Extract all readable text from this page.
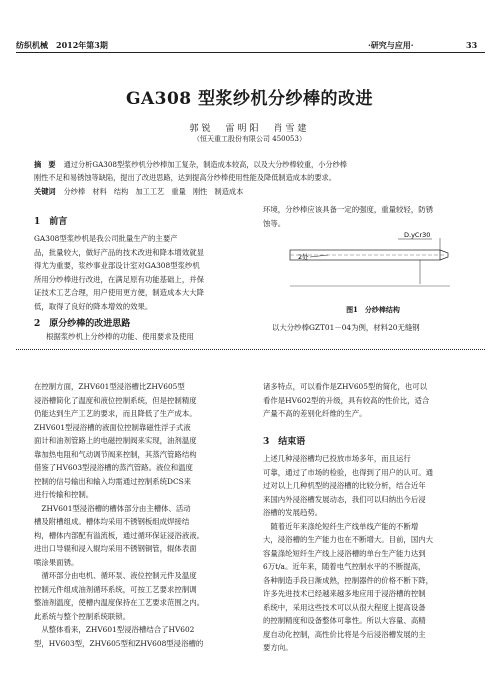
纺织机械　2012年第3期	·研究与应用·	33
GA308 型浆纱机分纱棒的改进
郭锐　雷明阳　肖雪建
（恒天重工股份有限公司 450053）
摘　要 通过分析GA308型浆纱机分纱棒加工复杂，制造成本较高，以及大分纱棒较重，小分纱棒
刚性不足和易锈蚀等缺陷，提出了改进思路，达到提高分纱棒使用性能及降低制造成本的要求。
关键词 分纱棒　材料　结构　加工工艺　重量　刚性　制造成本
1　前言
GA308型浆纱机是我公司批量生产的主要产
品，批量较大，做好产品的技术改进和降本增效就显
得尤为重要，浆纱事业部设计室对GA308型浆纱机
所用分纱棒进行改进，在满足原有功能基础上，并保
证技术工艺合理，用户使用更方便，制造成本大大降
低，取得了良好的降本增效的效果。
2　原分纱棒的改进思路
根据浆纱机上分纱棒的功能、使用要求及使用
环境，分纱棒应该具备一定的强度，重量较轻，防锈
蚀等。
D.yCr30
2处
图1　分纱棒结构
以大分纱棒GZT01－04为例，材料20无缝钢
在控制方面，ZHV601型浸浴槽比ZHV605型
浸浴槽简化了温度和液位控制系统，但是控制精度
仍能达到生产工艺的要求，而且降低了生产成本。
ZHV601型浸浴槽的液面位控制靠磁性浮子式液
面计和油剂管路上的电磁控制阀来实现，油剂温度
靠加热电阻和气动调节阀来控制，其蒸汽管路结构
借鉴了HV603型浸浴槽的蒸汽管路。液位和温度
控制的信号输出和输入均需通过控制系统DCS来
进行传输和控制。
　ZHV601型浸浴槽的槽体部分由主槽体、活动
槽及附槽组成。槽体均采用不锈钢板组成焊接结
构，槽体内部配有溢流板，通过循环保证浸浴液液。
进出口导辊和浸入辊均采用不锈钢铜管，辊体表面
喷涂果面锈。
　循环部分由电机、循环泵、液位控制元件及温度
控制元件组成油剂循环系统，可按工艺要求控制调
整油剂温度，使槽内温度保持在工艺要求范围之内。
此系统与整个控制系统联锁。
　从整体看来，ZHV601型浸浴槽结合了HV602
型，HV603型，ZHV605型和ZHV608型浸浴槽的
诸多特点，可以看作是ZHV605型的简化，也可以
看作是HV602型的升级，具有较高的性价比，适合
产量不高的差别化纤维的生产。
3　结束语
上述几种浸浴槽均已投放市场多年，而且运行
可靠，通过了市场的检验，也得到了用户的认可。通
过对以上几种机型的浸浴槽的比较分析，结合近年
来国内外浸浴槽发展动态，我们可以归纳出今后浸
浴槽的发展趋势。
　随着近年来涤纶短纤生产线单线产能的不断增
大，浸浴槽的生产能力也在不断增大。目前，国内大
容量涤纶短纤生产线上浸浴槽的单台生产能力达到
6万t/a。近年来，随着电气控制水平的不断提高，
各种制造手段日渐成熟，控制器件的价格不断下降，
许多先进技术已经越来越多地应用于浸浴槽的控制
系统中，采用这些技术可以从很大程度上提高设备
的控制精度和设备整体可靠性。所以大容量、高精
度自动化控制，高性价比将是今后浸浴槽发展的主
要方向。
